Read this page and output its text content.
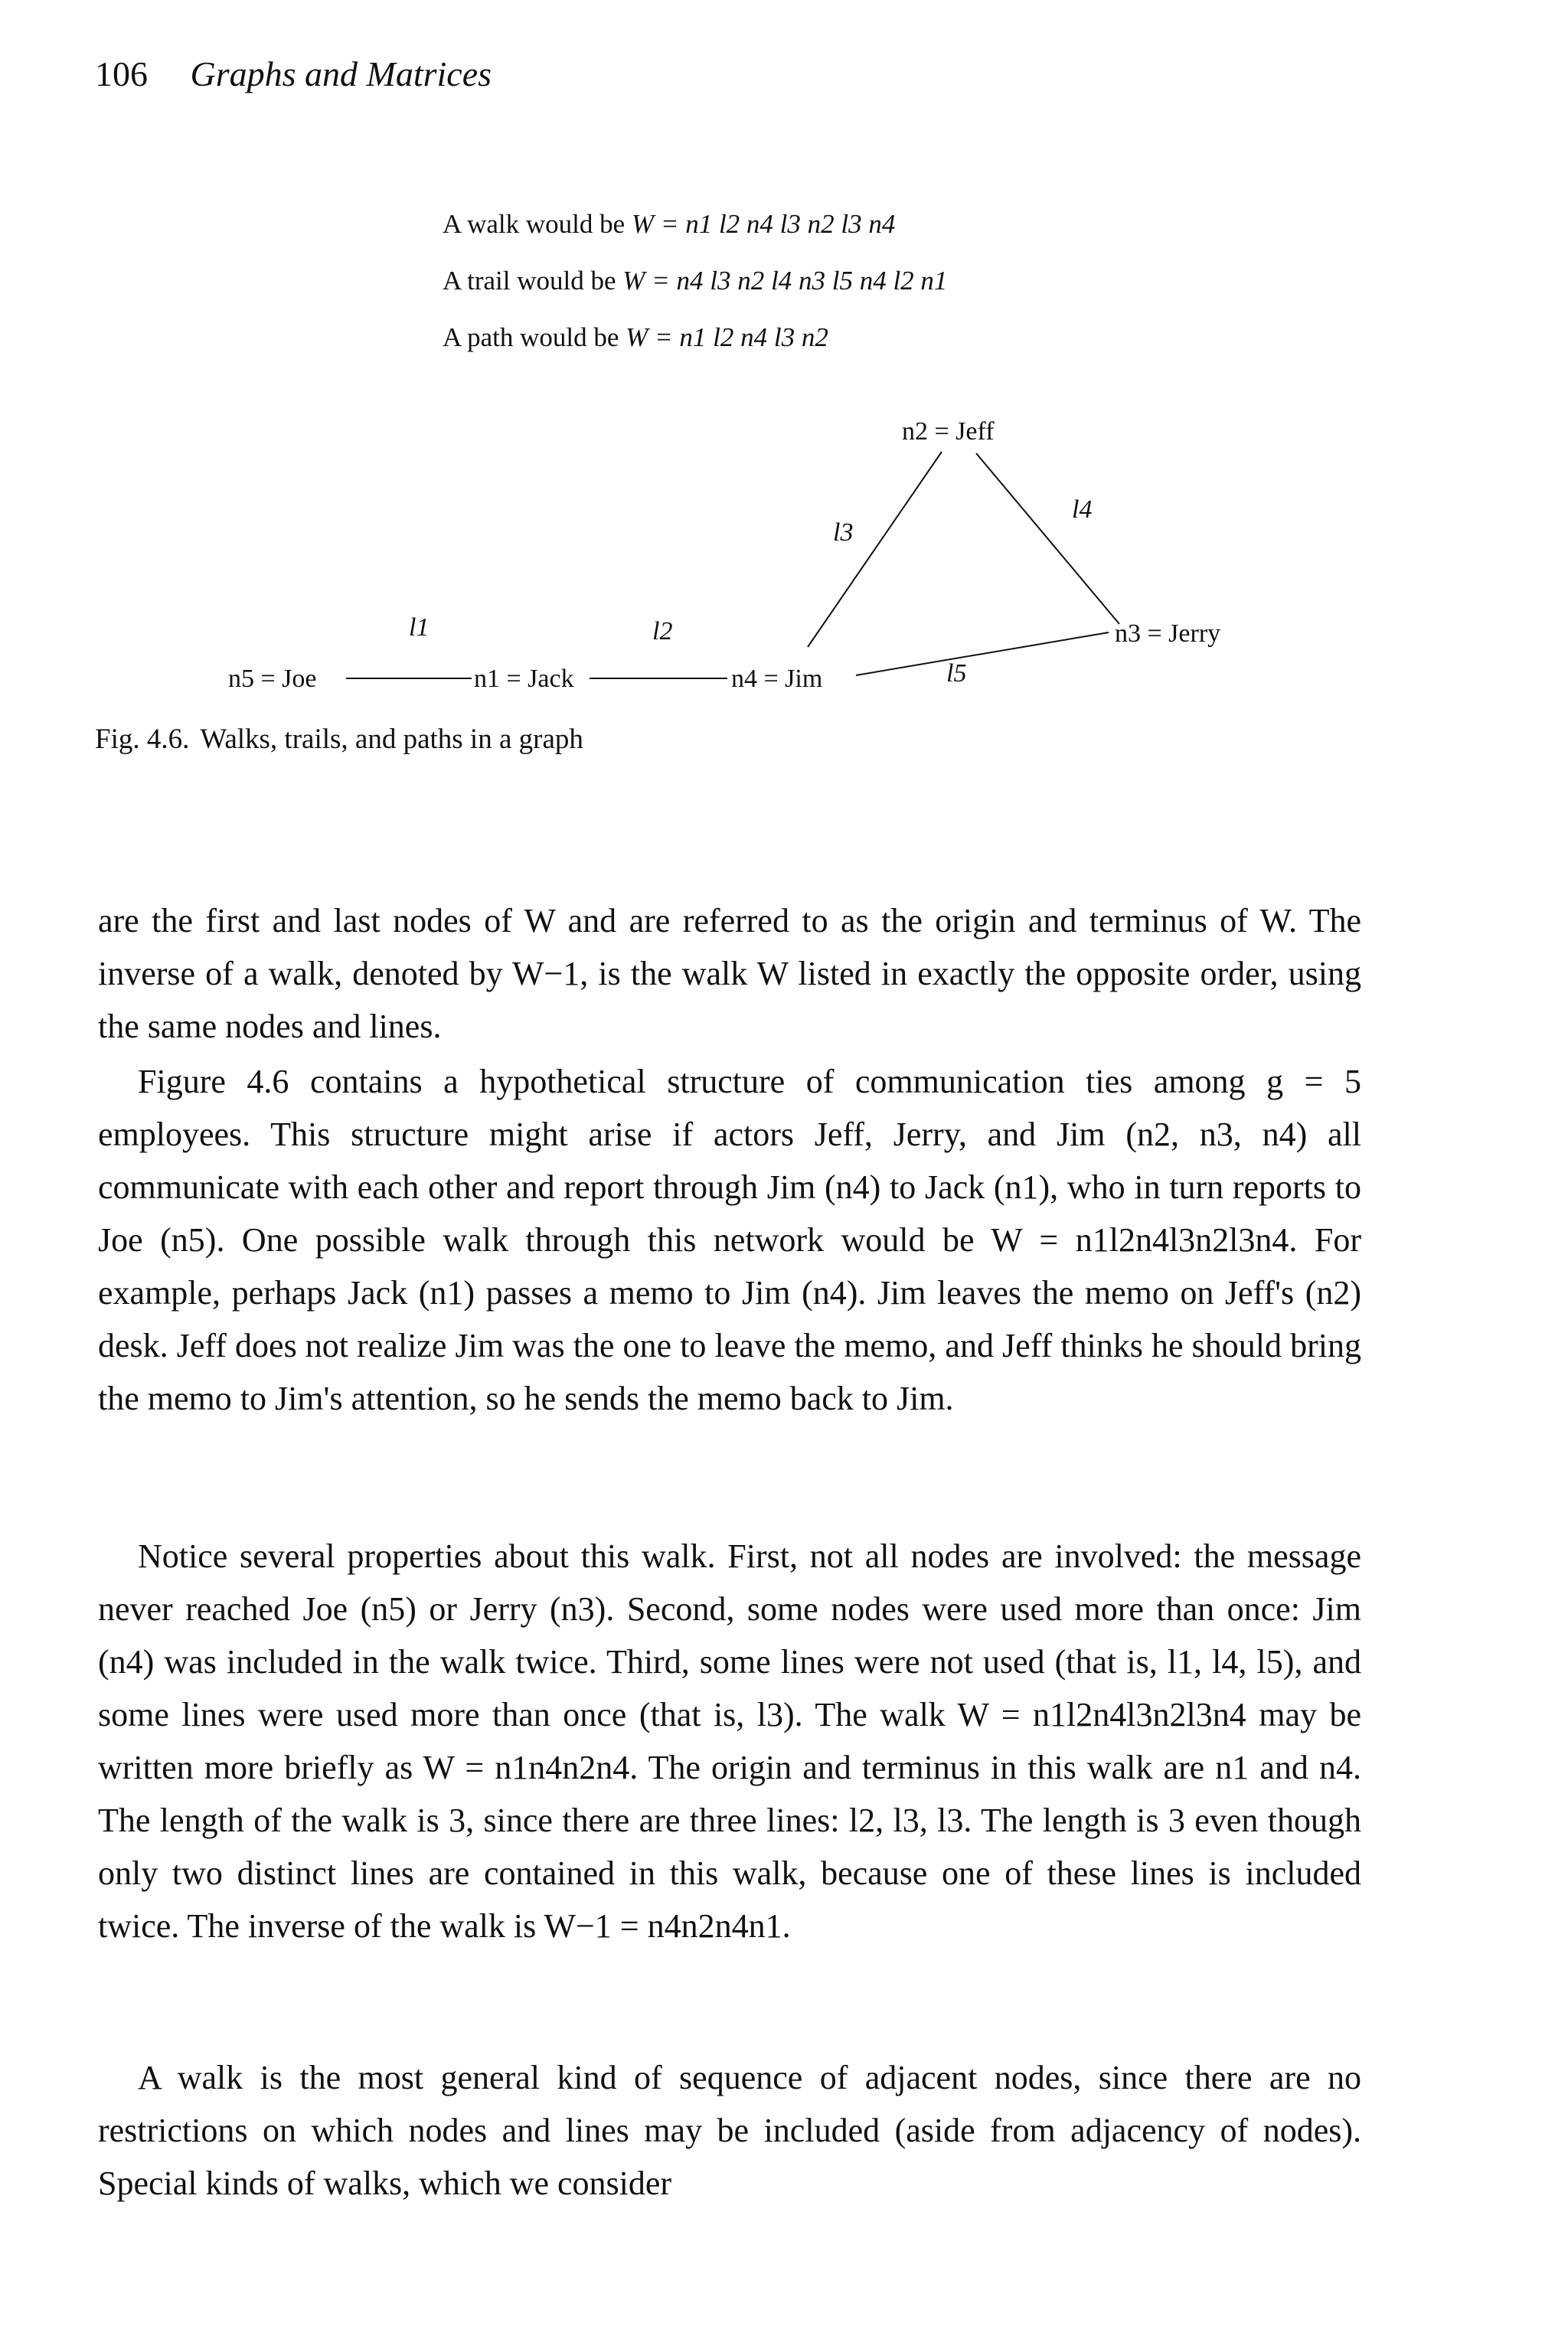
106 Graphs and Matrices
A walk would be W = n1 l2 n4 l3 n2 l3 n4
A trail would be W = n4 l3 n2 l4 n3 l5 n4 l2 n1
A path would be W = n1 l2 n4 l3 n2
n2 = Jeff
n3 = Jerry
n4 = Jim
n1 = Jack
n5 = Joe
l1	l2
l3
l4
l5
Fig. 4.6. Walks, trails, and paths in a graph

are the first and last nodes of W and are referred to as the origin and terminus of W. The inverse of a walk, denoted by W−1, is the walk W listed in exactly the opposite order, using the same nodes and lines.

Figure 4.6 contains a hypothetical structure of communication ties among g = 5 employees. This structure might arise if actors Jeff, Jerry, and Jim (n2, n3, n4) all communicate with each other and report through Jim (n4) to Jack (n1), who in turn reports to Joe (n5). One possible walk through this network would be W = n1l2n4l3n2l3n4. For example, perhaps Jack (n1) passes a memo to Jim (n4). Jim leaves the memo on Jeff's (n2) desk. Jeff does not realize Jim was the one to leave the memo, and Jeff thinks he should bring the memo to Jim's attention, so he sends the memo back to Jim.

Notice several properties about this walk. First, not all nodes are involved: the message never reached Joe (n5) or Jerry (n3). Second, some nodes were used more than once: Jim (n4) was included in the walk twice. Third, some lines were not used (that is, l1, l4, l5), and some lines were used more than once (that is, l3). The walk W = n1l2n4l3n2l3n4 may be written more briefly as W = n1n4n2n4. The origin and terminus in this walk are n1 and n4. The length of the walk is 3, since there are three lines: l2, l3, l3. The length is 3 even though only two distinct lines are contained in this walk, because one of these lines is included twice. The inverse of the walk is W−1 = n4n2n4n1.

A walk is the most general kind of sequence of adjacent nodes, since there are no restrictions on which nodes and lines may be included (aside from adjacency of nodes). Special kinds of walks, which we consider
